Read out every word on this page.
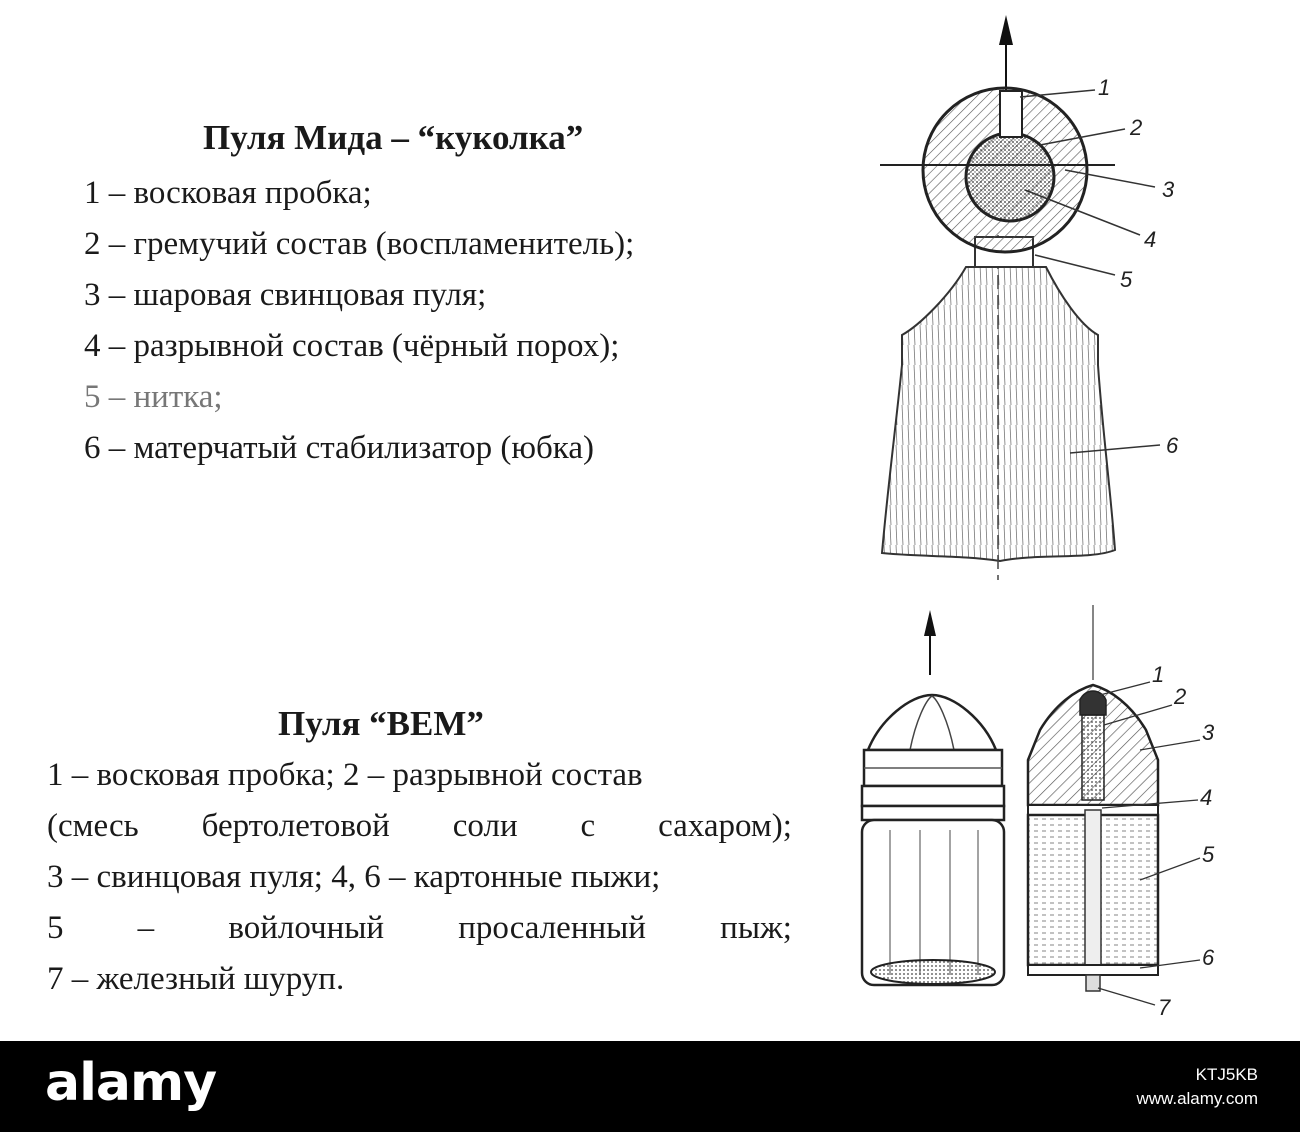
Пуля Мида – “куколка”
1 – восковая пробка;
2 – гремучий состав (воспламенитель);
3 – шаровая свинцовая пуля;
4 – разрывной состав (чёрный порох);
5 – нитка;
6 – матерчатый стабилизатор (юбка)
Пуля “BEM”
1 – восковая пробка; 2 – разрывной состав
(смесь бертолетовой соли с сахаром);
3 – свинцовая пуля; 4, 6 – картонные пыжи;
5 – войлочный просаленный пыж;
7 – железный шуруп.
1
2
3
4
5
6
1
2
3
4
5
6
7
alamy	KTJ5KB
www.alamy.com
